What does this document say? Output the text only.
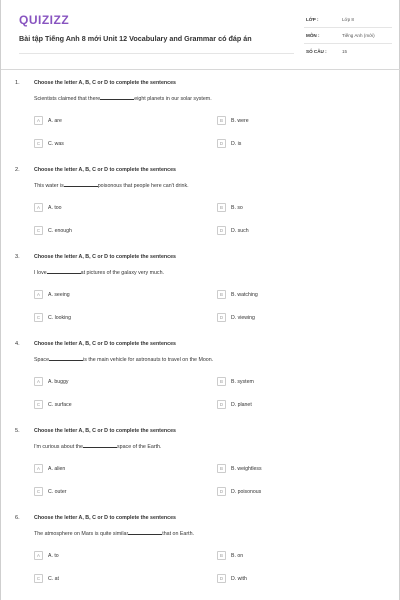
QUIZIZZ
Bài tập Tiếng Anh 8 mới Unit 12 Vocabulary and Grammar có đáp án
LỚP :	Lớp 8
MÔN :	Tiếng Anh (mới)
SỐ CÂU :	15
1.	Choose the letter A, B, C or D to complete the sentences
Scientists claimed that there	eight planets in our solar system.
A	A. are	B	B. were
C	C. was	D	D. is
2.	Choose the letter A, B, C or D to complete the sentences
This water is	poisonous that people here can't drink.
A	A. too	B	B. so
C	C. enough	D	D. such
3.	Choose the letter A, B, C or D to complete the sentences
I love	at pictures of the galaxy very much.
A	A. seeing	B	B. watching
C	C. looking	D	D. viewing
4.	Choose the letter A, B, C or D to complete the sentences
Space	is the main vehicle for astronauts to travel on the Moon.
A	A. buggy	B	B. system
C	C. surface	D	D. planet
5.	Choose the letter A, B, C or D to complete the sentences
I'm curious about the	space of the Earth.
A	A. alien	B	B. weightless
C	C. outer	D	D. poisonous
6.	Choose the letter A, B, C or D to complete the sentences
The atmosphere on Mars is quite similar	that on Earth.
A	A. to	B	B. on
C	C. at	D	D. with
